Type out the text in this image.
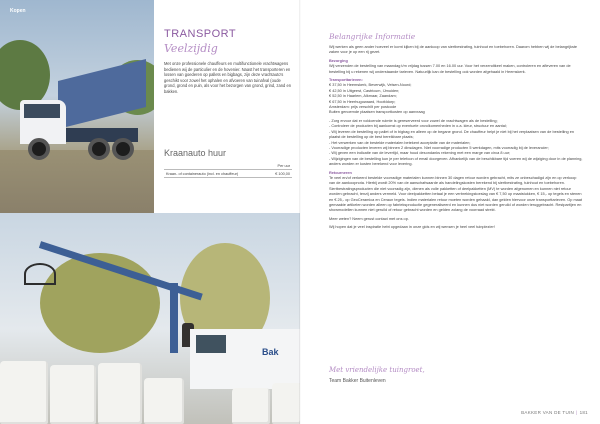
Kopen
TRANSPORT
Veelzijdig

Met onze professionele chauffeurs en multifunctionele vrachtwagens bedienen wij de particulier en de hovenier. Naast het transporteren en lossen van goederen op pallets en bigbags, zijn deze vrachtauto's geschikt voor zowel het ophalen en afvoeren van tuinafval (oude grond, grond en puin, als voor het bezorgen van grond, grind, zand en bakken.

Kraanauto huur
	Per uur
Kraan- of containerauto (incl. en chauffeur)	€ 100,00
Bak
Belangrijke Informatie

Wij werken als geen ander hoeveel er komt kijken bij de aankoop van siertbestrating, tuinhout en toebehoren. Daarom hebben wij de belangrijkste zaken voor je op een rij gezet.

Bezorging

Wij verzenden de bestelling van maandag t/m vrijdag tussen 7.00 en 16.00 uur. Voor het verzendtkeel maken, controleren en afleveren van de bestelling bij u rekenen wij onderstaande tarieven. Natuurlijk kan de bestelling ook worden afgehaald in Heemskerk.

Transporttarieven:

€ 37,50 in Heemskerk, Beverwijk, Velsen-Noord;
€ 42,50 in Uitgeest, Castricum, IJmuiden;
€ 52,50 in Haarlem, Alkmaar, Zaandam;
€ 67,50 in Heerhugowaard, Hoofddorp;
Amsterdam: prijs verschilt per postcode
Buiten genoemde plaatsen transportkosten op aanvraag
- Zorg ervoor dat er voldoende ruimte is gereserveerd voor zowel de vrachtwagen als de bestelling;
- Controleer de producten bij aankomst op eventuele onvolkomenheden in o.a. kleur, structuur en aantal;
- Wij leveren de bestelling op pallet of in bigbag en alleen op de begane grond. De chauffeur helpt je niet bij het verplaatsen van de bestelling en plaatst de bestelling op de best bereikbare plaats;
- Het verwerken van de bestelde materialen betekent acceptatie van de materialen;
- Voorradige producten leveren wij binnen 2 dinsdagen. Niet voorradige producten 5 werkdagen, mits voorradig bij de leverancier;
- Wij geven een indicatie van de levertijd, maar houd desondanks rekening met een marge van circa 8 uur;
- Wijzigingen van de bestelling kun je per telefoon of email doorgeven. Afhankelijk van de beschikbare tijd voeren wij de wijziging door in de planning, anders worden er kosten berekend voor levering.

Retourneren

Te veel en/of verkeerd bestelde voorradige materialen kunnen binnen 30 dagen retour worden gebracht, mits ze onbeschadigd zijn en op verkoop van de aankoopnota. Hierbij wordt 20% van de aanschafwaarde als handelingskosten berekend bij siertbestrating, tuinhout en toebehoren. Siertbestratingsproducten die niet voorradig zijn, dienen als volle pakketten of deelpakketten (MV) te worden afgenomen en kunnen niet retour worden gebracht, tenzij anders vermeld. Voor deelpakketten betaal je een verbrekingstoeslag van € 7,50 op maatstukken, € 15,- op tegels en stenen en € 25,- op GeoCeramica en Ceraun tegels. Indien materialen retour moeten worden gehaald, dan gelden hiervoor onze transporttarieven. Op maat gemaakte artikelen worden alleen op fabrieksproductie gegeneraliseerd en kunnen dus niet worden geruild of worden teruggebracht. Restpartijen en showmodellen kunnen niet geruild of retour gebracht worden en gelden zolang de voorraad strekt.

Meer weten? Neem gerust contact met ons op.

Wij hopen dat je veel inspiratie hebt opgedaan in onze gids en wij wensen je heel veel tuinplezier!

Met vriendelijke tuingroet,
Team Bakker Buitenleven
BAKKER VAN DE TUIN | 181
